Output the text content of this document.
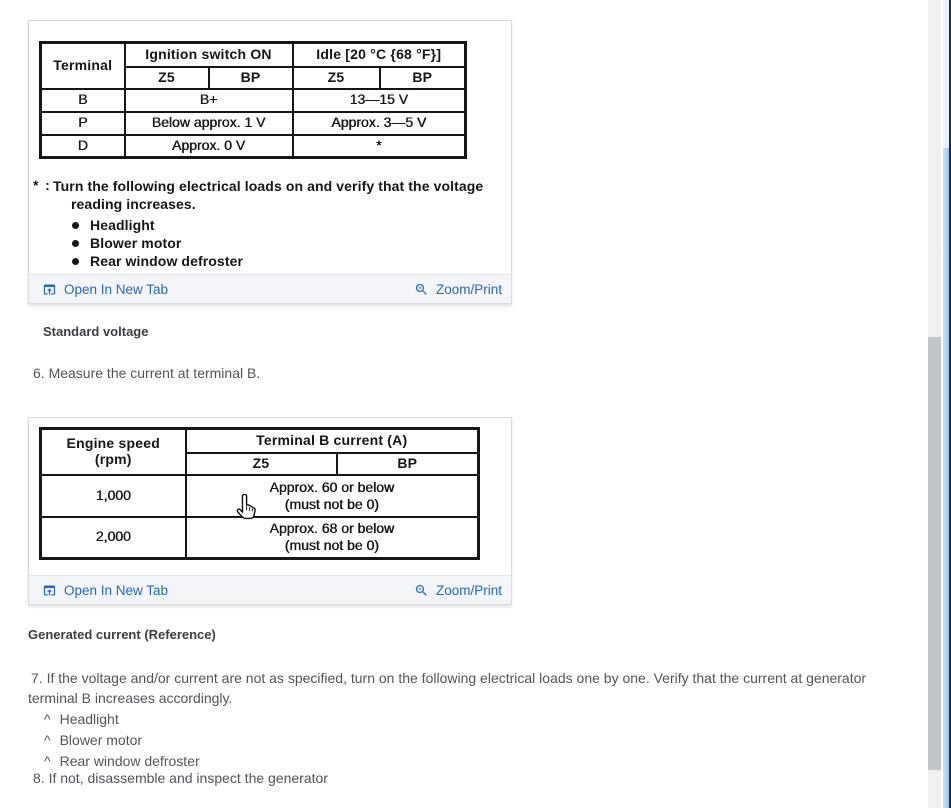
Terminal	Ignition switch ON		Idle [20 °C {68 °F}]	
	Z5	BP	Z5	BP
B	B+		13—15 V	
P	Below approx. 1 V		Approx. 3—5 V	
D	Approx. 0 V		*	
* : Turn the following electrical loads on and verify that the voltage reading increases.
Headlight
Blower motor
Rear window defroster
Open In New Tab	Zoom/Print
Standard voltage
6. Measure the current at terminal B.
Engine speed
(rpm)	Terminal B current (A)	
	Z5	BP
1,000	Approx. 60 or below
(must not be 0)	
2,000	Approx. 68 or below
(must not be 0)	
Open In New Tab	Zoom/Print
Generated current (Reference)
7. If the voltage and/or current are not as specified, turn on the following electrical loads one by one. Verify that the current at generator terminal B increases accordingly.
^ Headlight
^ Blower motor
^ Rear window defroster
8. If not, disassemble and inspect the generator
